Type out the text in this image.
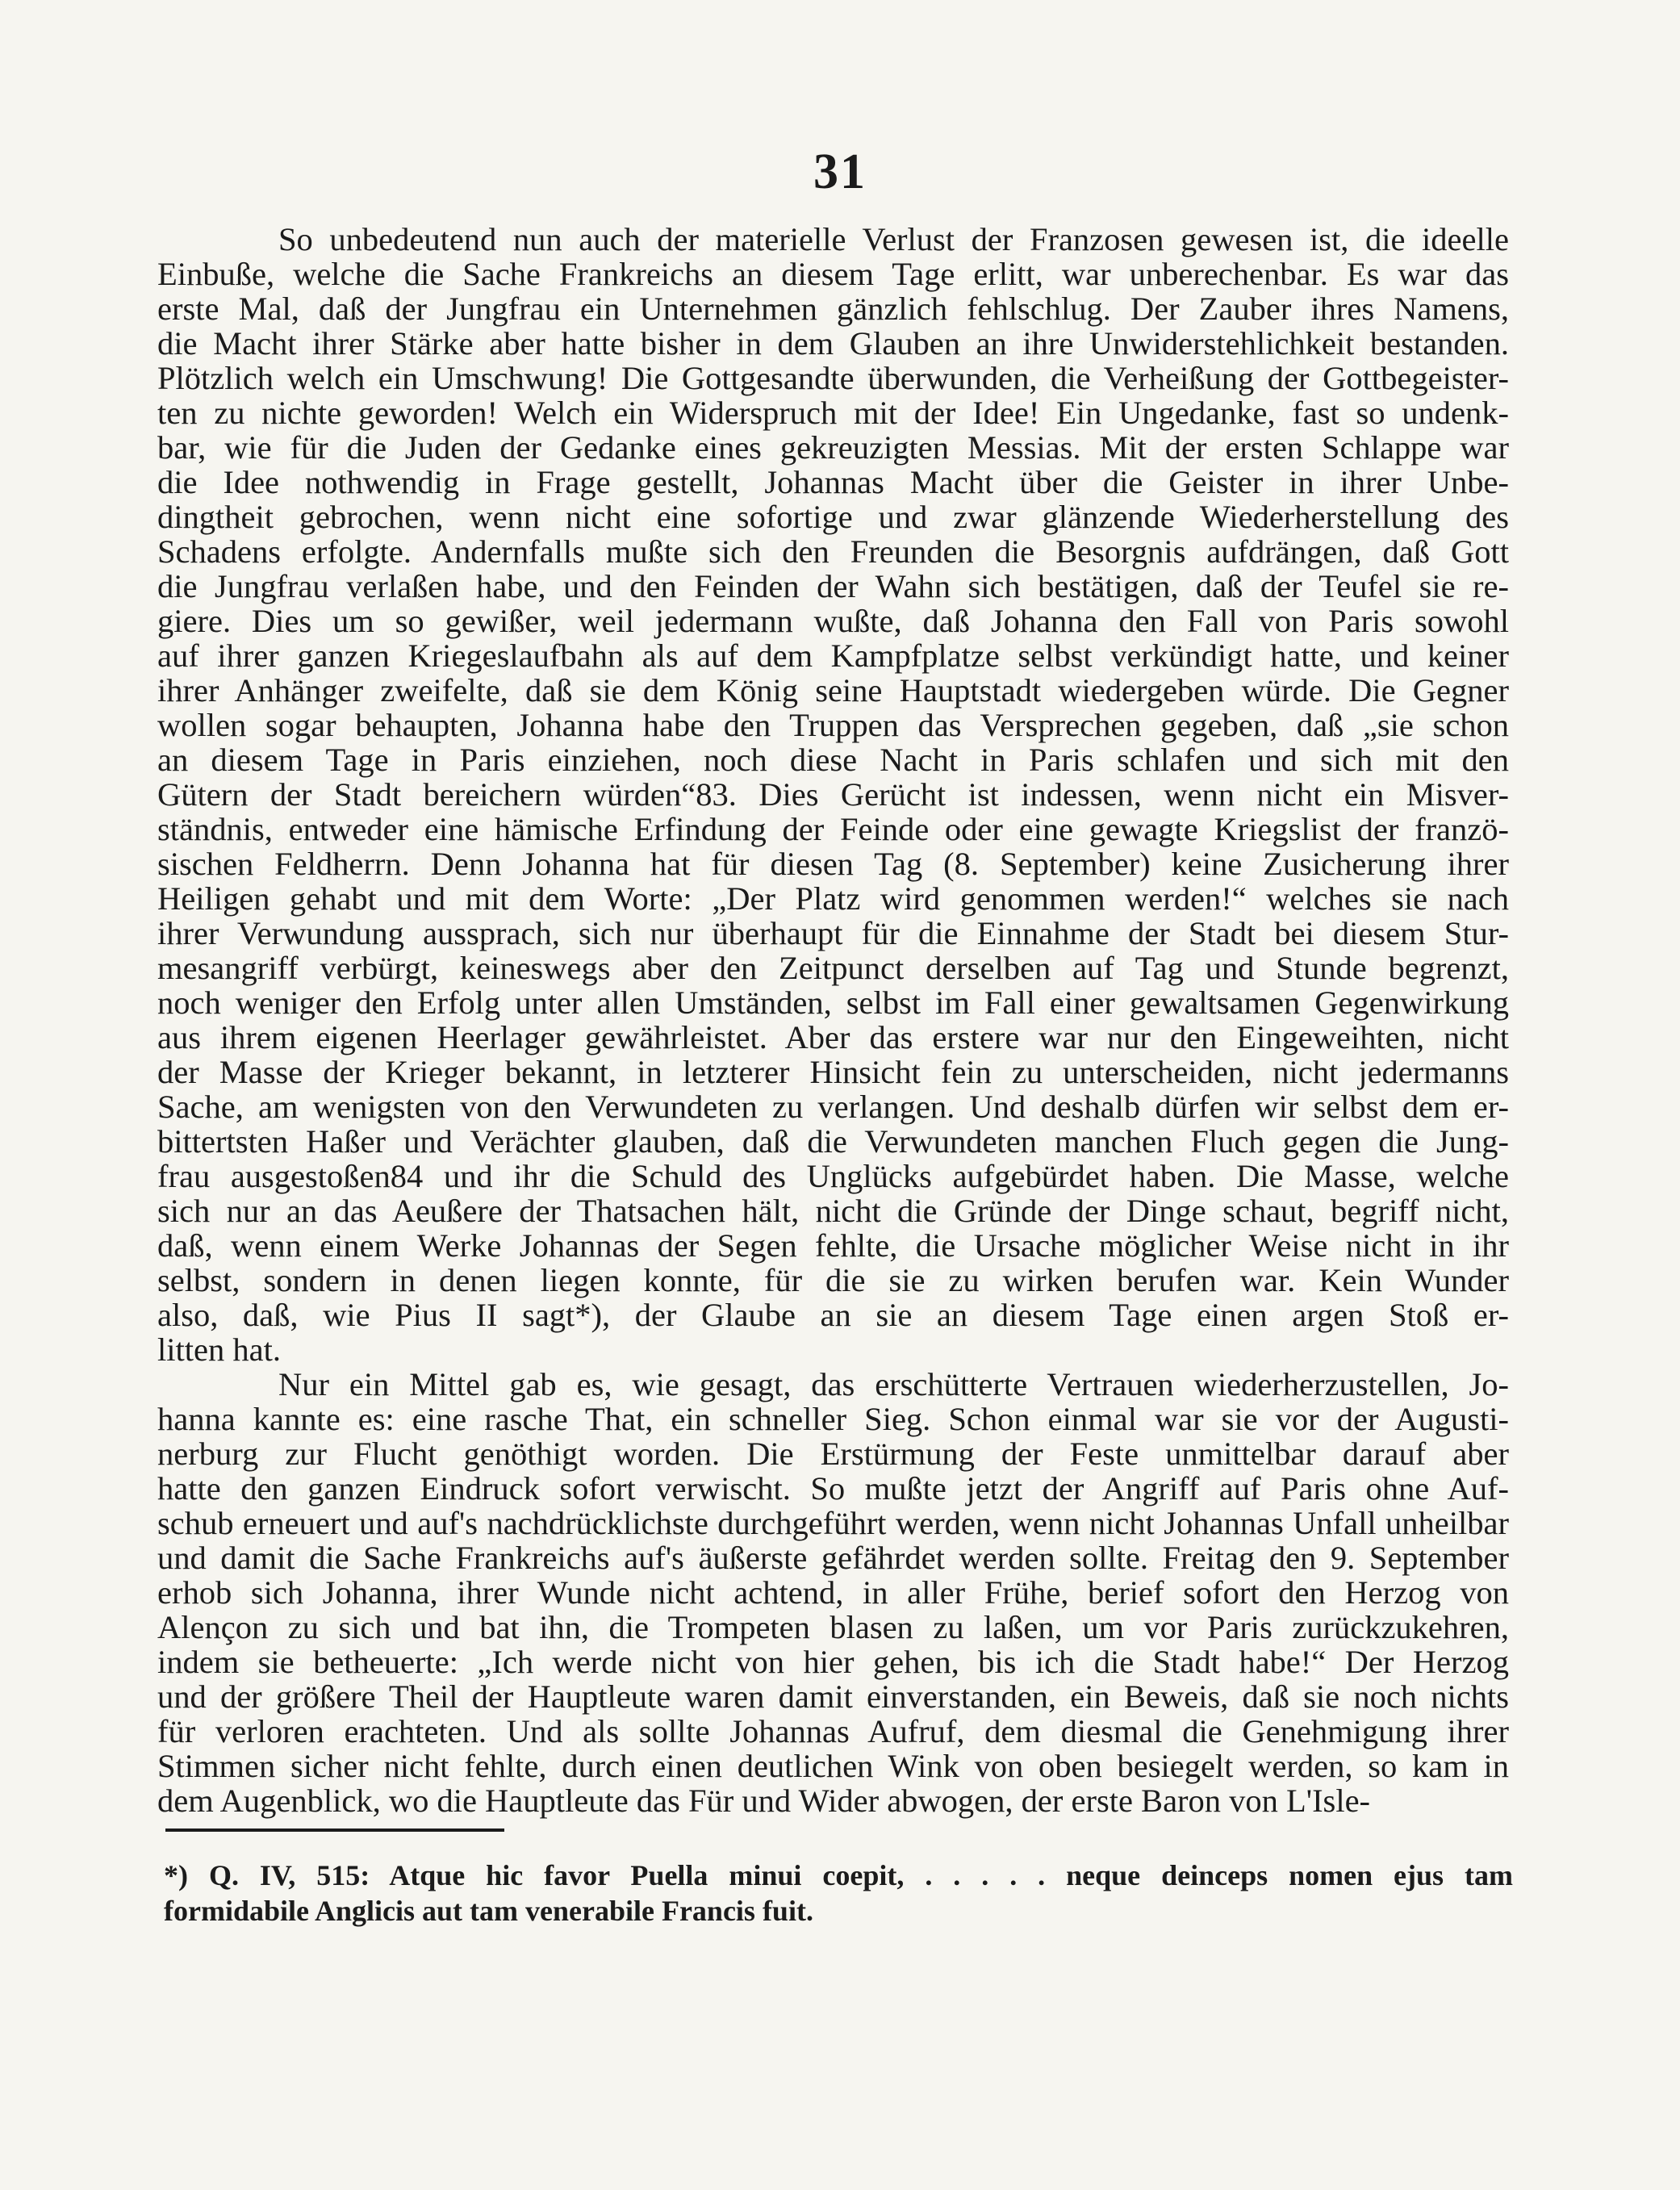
31
So unbedeutend nun auch der materielle Verlust der Franzosen gewesen ist, die ideelle
Einbuße, welche die Sache Frankreichs an diesem Tage erlitt, war unberechenbar. Es war das
erste Mal, daß der Jungfrau ein Unternehmen gänzlich fehlschlug. Der Zauber ihres Namens,
die Macht ihrer Stärke aber hatte bisher in dem Glauben an ihre Unwiderstehlichkeit bestanden.
Plötzlich welch ein Umschwung! Die Gottgesandte überwunden, die Verheißung der Gottbegeister-
ten zu nichte geworden! Welch ein Widerspruch mit der Idee! Ein Ungedanke, fast so undenk-
bar, wie für die Juden der Gedanke eines gekreuzigten Messias. Mit der ersten Schlappe war
die Idee nothwendig in Frage gestellt, Johannas Macht über die Geister in ihrer Unbe-
dingtheit gebrochen, wenn nicht eine sofortige und zwar glänzende Wiederherstellung des
Schadens erfolgte. Andernfalls mußte sich den Freunden die Besorgnis aufdrängen, daß Gott
die Jungfrau verlaßen habe, und den Feinden der Wahn sich bestätigen, daß der Teufel sie re-
giere. Dies um so gewißer, weil jedermann wußte, daß Johanna den Fall von Paris sowohl
auf ihrer ganzen Kriegeslaufbahn als auf dem Kampfplatze selbst verkündigt hatte, und keiner
ihrer Anhänger zweifelte, daß sie dem König seine Hauptstadt wiedergeben würde. Die Gegner
wollen sogar behaupten, Johanna habe den Truppen das Versprechen gegeben, daß „sie schon
an diesem Tage in Paris einziehen, noch diese Nacht in Paris schlafen und sich mit den
Gütern der Stadt bereichern würden“83. Dies Gerücht ist indessen, wenn nicht ein Misver-
ständnis, entweder eine hämische Erfindung der Feinde oder eine gewagte Kriegslist der franzö-
sischen Feldherrn. Denn Johanna hat für diesen Tag (8. September) keine Zusicherung ihrer
Heiligen gehabt und mit dem Worte: „Der Platz wird genommen werden!“ welches sie nach
ihrer Verwundung aussprach, sich nur überhaupt für die Einnahme der Stadt bei diesem Stur-
mesangriff verbürgt, keineswegs aber den Zeitpunct derselben auf Tag und Stunde begrenzt,
noch weniger den Erfolg unter allen Umständen, selbst im Fall einer gewaltsamen Gegenwirkung
aus ihrem eigenen Heerlager gewährleistet. Aber das erstere war nur den Eingeweihten, nicht
der Masse der Krieger bekannt, in letzterer Hinsicht fein zu unterscheiden, nicht jedermanns
Sache, am wenigsten von den Verwundeten zu verlangen. Und deshalb dürfen wir selbst dem er-
bittertsten Haßer und Verächter glauben, daß die Verwundeten manchen Fluch gegen die Jung-
frau ausgestoßen84 und ihr die Schuld des Unglücks aufgebürdet haben. Die Masse, welche
sich nur an das Aeußere der Thatsachen hält, nicht die Gründe der Dinge schaut, begriff nicht,
daß, wenn einem Werke Johannas der Segen fehlte, die Ursache möglicher Weise nicht in ihr
selbst, sondern in denen liegen konnte, für die sie zu wirken berufen war. Kein Wunder
also, daß, wie Pius II sagt*), der Glaube an sie an diesem Tage einen argen Stoß er-
litten hat.
Nur ein Mittel gab es, wie gesagt, das erschütterte Vertrauen wiederherzustellen, Jo-
hanna kannte es: eine rasche That, ein schneller Sieg. Schon einmal war sie vor der Augusti-
nerburg zur Flucht genöthigt worden. Die Erstürmung der Feste unmittelbar darauf aber
hatte den ganzen Eindruck sofort verwischt. So mußte jetzt der Angriff auf Paris ohne Auf-
schub erneuert und auf's nachdrücklichste durchgeführt werden, wenn nicht Johannas Unfall unheilbar
und damit die Sache Frankreichs auf's äußerste gefährdet werden sollte. Freitag den 9. September
erhob sich Johanna, ihrer Wunde nicht achtend, in aller Frühe, berief sofort den Herzog von
Alençon zu sich und bat ihn, die Trompeten blasen zu laßen, um vor Paris zurückzukehren,
indem sie betheuerte: „Ich werde nicht von hier gehen, bis ich die Stadt habe!“ Der Herzog
und der größere Theil der Hauptleute waren damit einverstanden, ein Beweis, daß sie noch nichts
für verloren erachteten. Und als sollte Johannas Aufruf, dem diesmal die Genehmigung ihrer
Stimmen sicher nicht fehlte, durch einen deutlichen Wink von oben besiegelt werden, so kam in
dem Augenblick, wo die Hauptleute das Für und Wider abwogen, der erste Baron von L'Isle-
*) Q. IV, 515: Atque hic favor Puella minui coepit, . . . . . neque deinceps nomen ejus tam
formidabile Anglicis aut tam venerabile Francis fuit.
